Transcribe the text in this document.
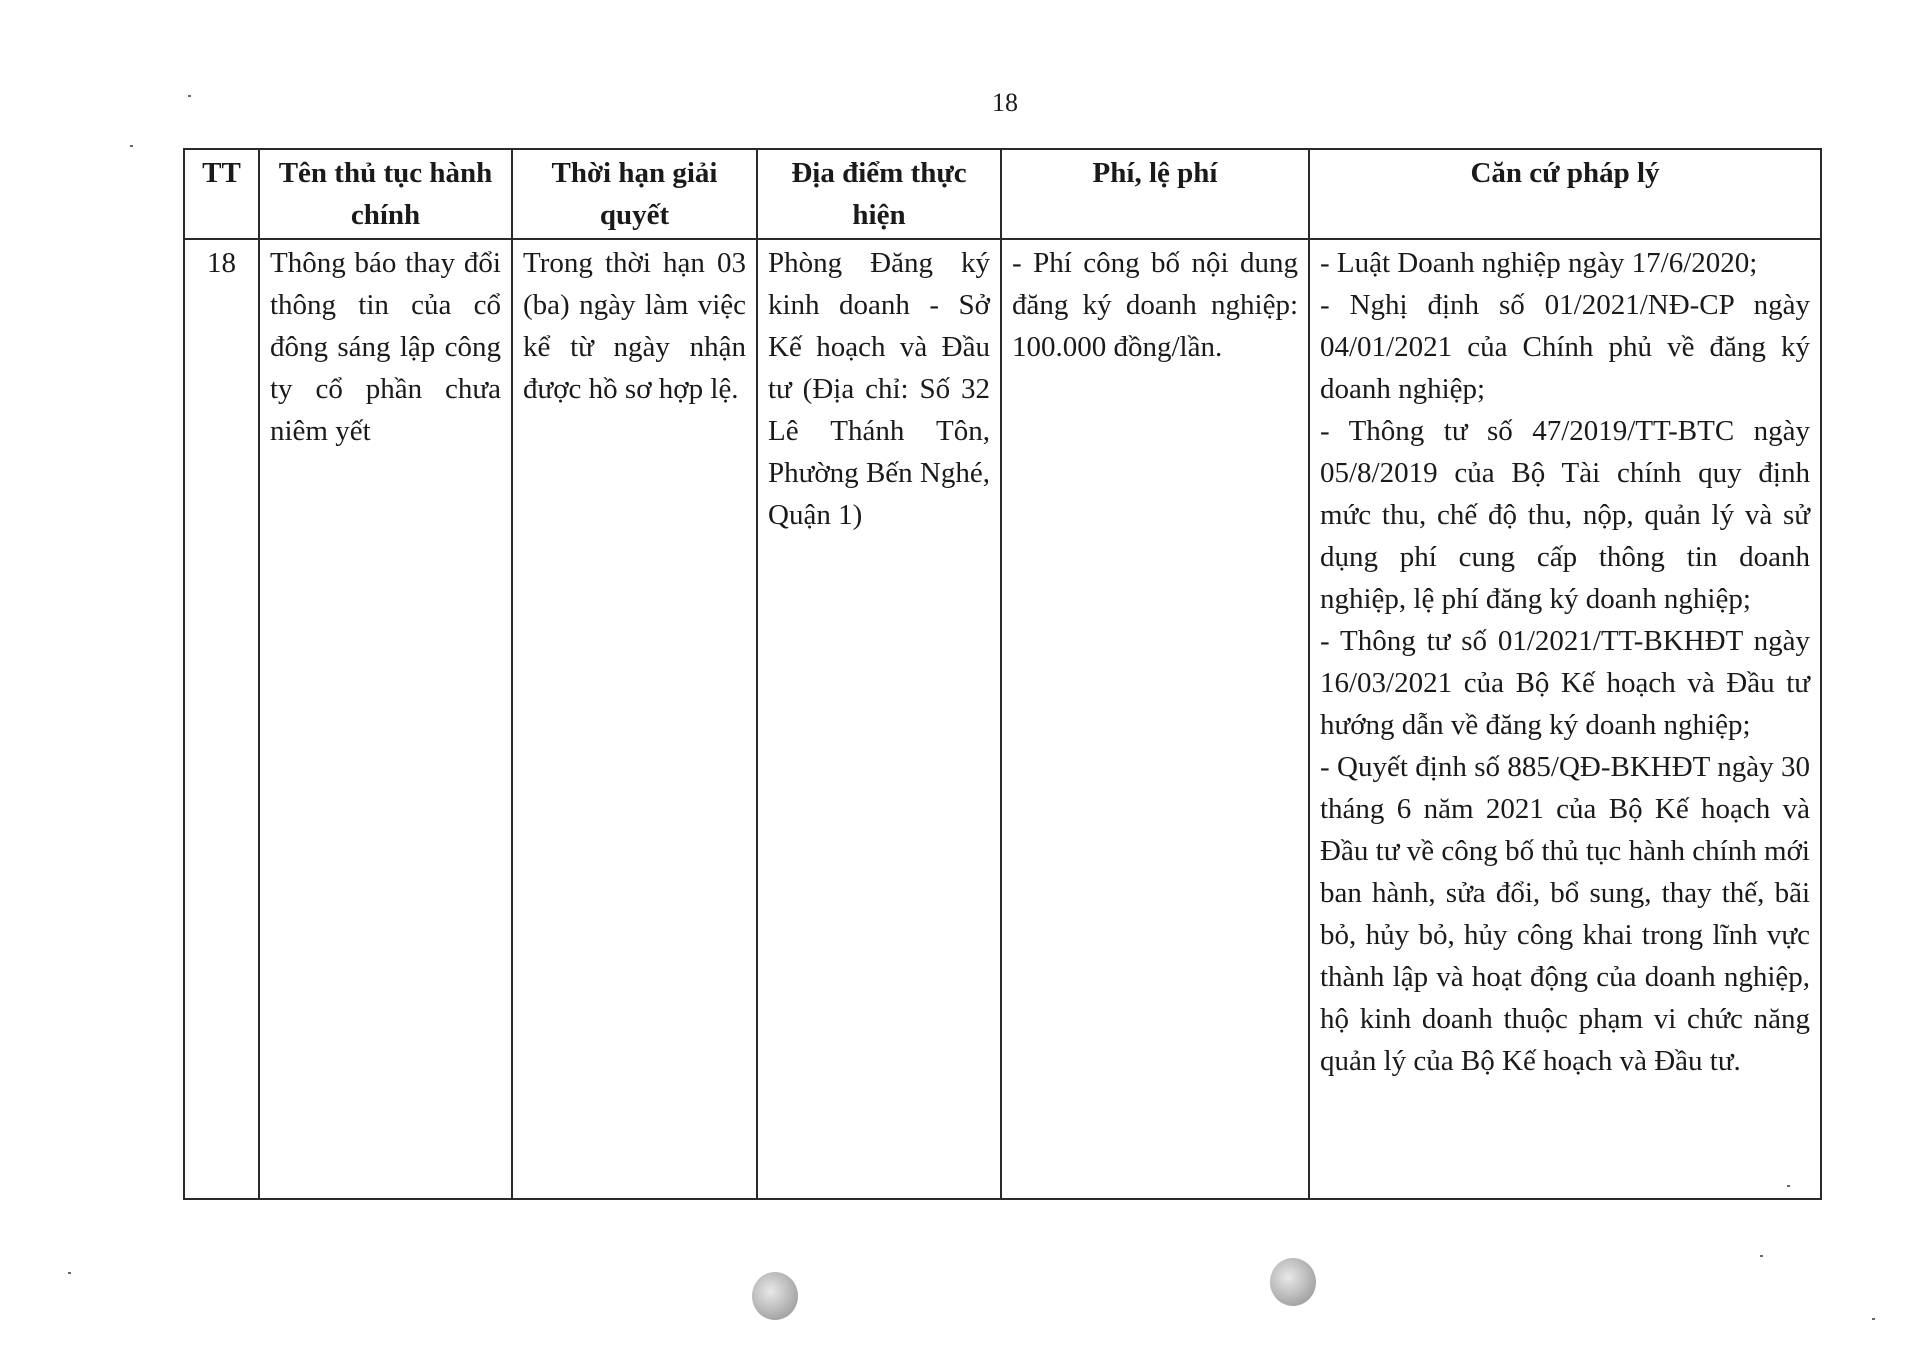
18
TT	Tên thủ tục hành chính	Thời hạn giải quyết	Địa điểm thực hiện	Phí, lệ phí	Căn cứ pháp lý
18	Thông báo thay đổi thông tin của cổ đông sáng lập công ty cổ phần chưa niêm yết	Trong thời hạn 03 (ba) ngày làm việc kể từ ngày nhận được hồ sơ hợp lệ.	Phòng Đăng ký kinh doanh - Sở Kế hoạch và Đầu tư (Địa chỉ: Số 32 Lê Thánh Tôn, Phường Bến Nghé, Quận 1)	- Phí công bố nội dung đăng ký doanh nghiệp: 100.000 đồng/lần.	- Luật Doanh nghiệp ngày 17/6/2020;
- Nghị định số 01/2021/NĐ-CP ngày 04/01/2021 của Chính phủ về đăng ký doanh nghiệp;
- Thông tư số 47/2019/TT-BTC ngày 05/8/2019 của Bộ Tài chính quy định mức thu, chế độ thu, nộp, quản lý và sử dụng phí cung cấp thông tin doanh nghiệp, lệ phí đăng ký doanh nghiệp;
- Thông tư số 01/2021/TT-BKHĐT ngày 16/03/2021 của Bộ Kế hoạch và Đầu tư hướng dẫn về đăng ký doanh nghiệp;
- Quyết định số 885/QĐ-BKHĐT ngày 30 tháng 6 năm 2021 của Bộ Kế hoạch và Đầu tư về công bố thủ tục hành chính mới ban hành, sửa đổi, bổ sung, thay thế, bãi bỏ, hủy bỏ, hủy công khai trong lĩnh vực thành lập và hoạt động của doanh nghiệp, hộ kinh doanh thuộc phạm vi chức năng quản lý của Bộ Kế hoạch và Đầu tư.
